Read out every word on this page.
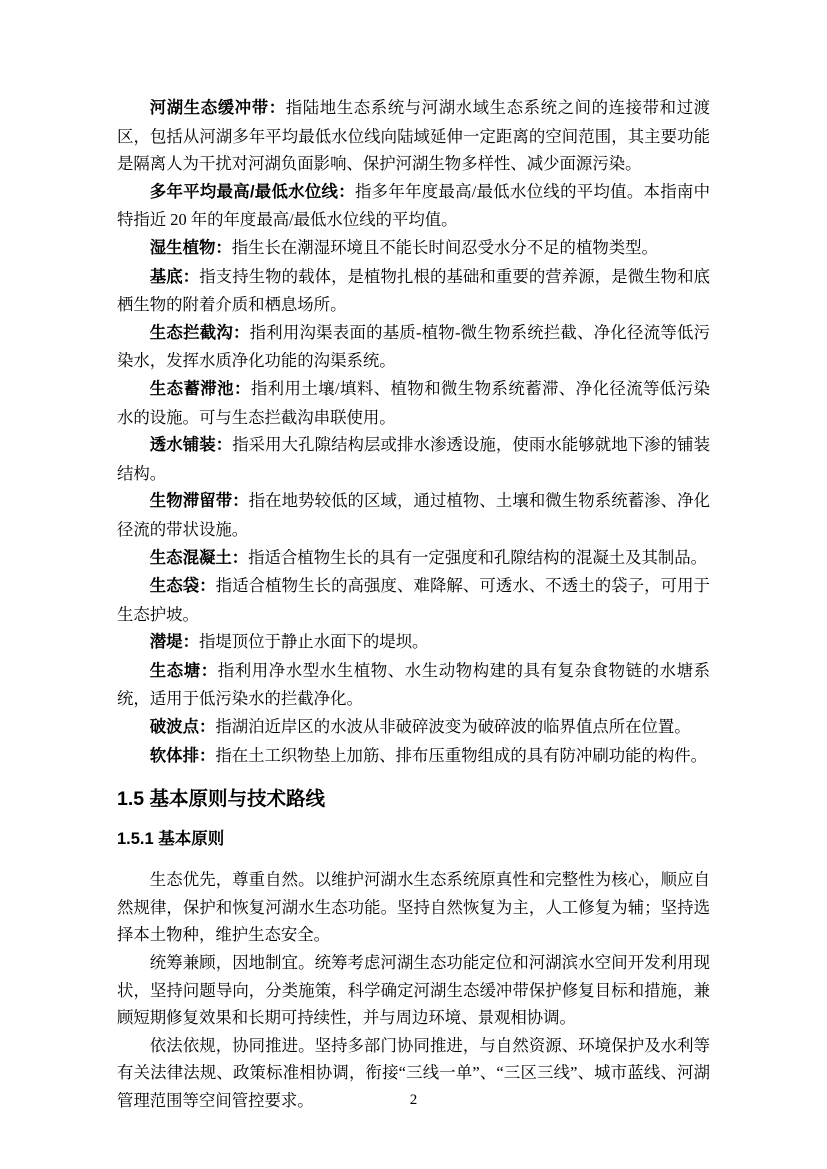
河湖生态缓冲带：指陆地生态系统与河湖水域生态系统之间的连接带和过渡区，包括从河湖多年平均最低水位线向陆域延伸一定距离的空间范围，其主要功能是隔离人为干扰对河湖负面影响、保护河湖生物多样性、减少面源污染。

多年平均最高/最低水位线：指多年年度最高/最低水位线的平均值。本指南中特指近 20 年的年度最高/最低水位线的平均值。

湿生植物：指生长在潮湿环境且不能长时间忍受水分不足的植物类型。

基底：指支持生物的载体，是植物扎根的基础和重要的营养源，是微生物和底栖生物的附着介质和栖息场所。

生态拦截沟：指利用沟渠表面的基质-植物-微生物系统拦截、净化径流等低污染水，发挥水质净化功能的沟渠系统。

生态蓄滞池：指利用土壤/填料、植物和微生物系统蓄滞、净化径流等低污染水的设施。可与生态拦截沟串联使用。

透水铺装：指采用大孔隙结构层或排水渗透设施，使雨水能够就地下渗的铺装结构。

生物滞留带：指在地势较低的区域，通过植物、土壤和微生物系统蓄渗、净化径流的带状设施。

生态混凝土：指适合植物生长的具有一定强度和孔隙结构的混凝土及其制品。

生态袋：指适合植物生长的高强度、难降解、可透水、不透土的袋子，可用于生态护坡。

潜堤：指堤顶位于静止水面下的堤坝。

生态塘：指利用净水型水生植物、水生动物构建的具有复杂食物链的水塘系统，适用于低污染水的拦截净化。

破波点：指湖泊近岸区的水波从非破碎波变为破碎波的临界值点所在位置。

软体排：指在土工织物垫上加筋、排布压重物组成的具有防冲刷功能的构件。

1.5 基本原则与技术路线
1.5.1 基本原则

生态优先，尊重自然。以维护河湖水生态系统原真性和完整性为核心，顺应自然规律，保护和恢复河湖水生态功能。坚持自然恢复为主，人工修复为辅；坚持选择本土物种，维护生态安全。

统筹兼顾，因地制宜。统筹考虑河湖生态功能定位和河湖滨水空间开发利用现状，坚持问题导向，分类施策，科学确定河湖生态缓冲带保护修复目标和措施，兼顾短期修复效果和长期可持续性，并与周边环境、景观相协调。

依法依规，协同推进。坚持多部门协同推进，与自然资源、环境保护及水利等有关法律法规、政策标准相协调，衔接“三线一单”、“三区三线”、城市蓝线、河湖管理范围等空间管控要求。	2
